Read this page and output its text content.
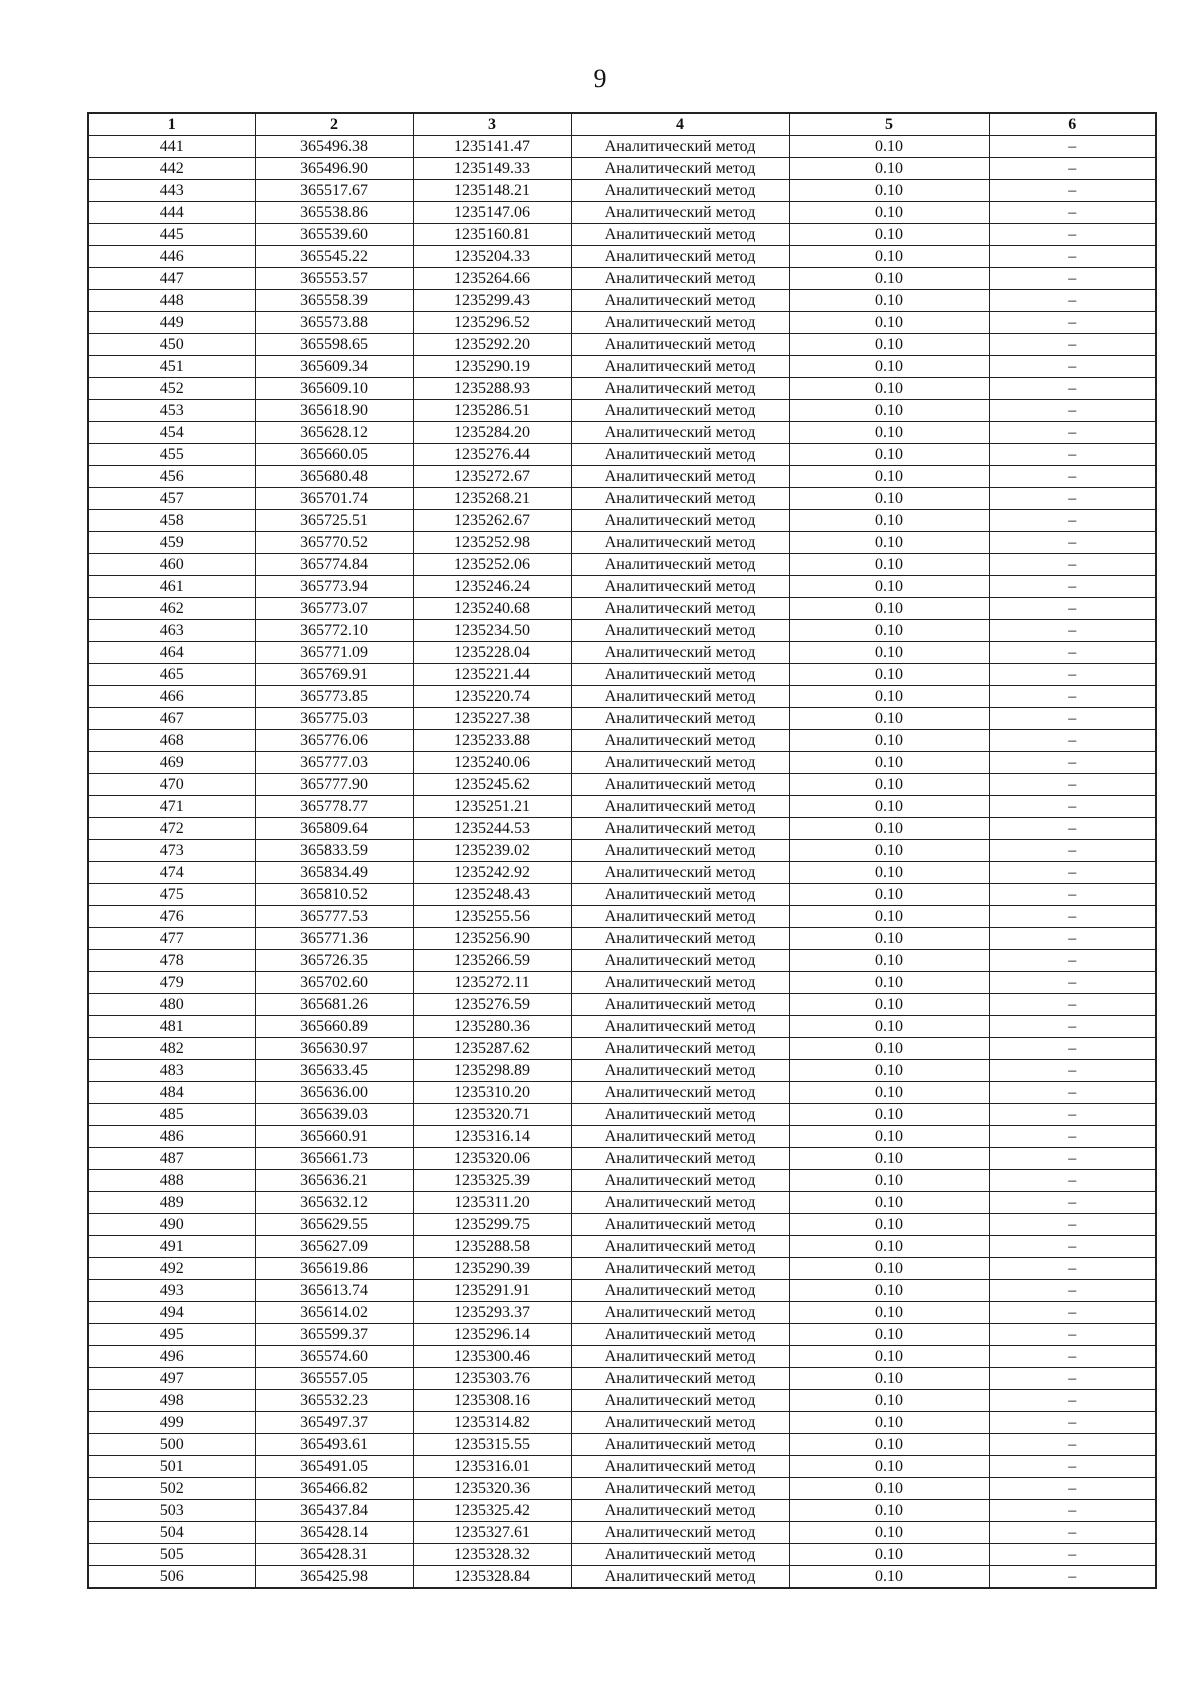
9
1	2	3	4	5	6
441	365496.38	1235141.47	Аналитический метод	0.10	–
442	365496.90	1235149.33	Аналитический метод	0.10	–
443	365517.67	1235148.21	Аналитический метод	0.10	–
444	365538.86	1235147.06	Аналитический метод	0.10	–
445	365539.60	1235160.81	Аналитический метод	0.10	–
446	365545.22	1235204.33	Аналитический метод	0.10	–
447	365553.57	1235264.66	Аналитический метод	0.10	–
448	365558.39	1235299.43	Аналитический метод	0.10	–
449	365573.88	1235296.52	Аналитический метод	0.10	–
450	365598.65	1235292.20	Аналитический метод	0.10	–
451	365609.34	1235290.19	Аналитический метод	0.10	–
452	365609.10	1235288.93	Аналитический метод	0.10	–
453	365618.90	1235286.51	Аналитический метод	0.10	–
454	365628.12	1235284.20	Аналитический метод	0.10	–
455	365660.05	1235276.44	Аналитический метод	0.10	–
456	365680.48	1235272.67	Аналитический метод	0.10	–
457	365701.74	1235268.21	Аналитический метод	0.10	–
458	365725.51	1235262.67	Аналитический метод	0.10	–
459	365770.52	1235252.98	Аналитический метод	0.10	–
460	365774.84	1235252.06	Аналитический метод	0.10	–
461	365773.94	1235246.24	Аналитический метод	0.10	–
462	365773.07	1235240.68	Аналитический метод	0.10	–
463	365772.10	1235234.50	Аналитический метод	0.10	–
464	365771.09	1235228.04	Аналитический метод	0.10	–
465	365769.91	1235221.44	Аналитический метод	0.10	–
466	365773.85	1235220.74	Аналитический метод	0.10	–
467	365775.03	1235227.38	Аналитический метод	0.10	–
468	365776.06	1235233.88	Аналитический метод	0.10	–
469	365777.03	1235240.06	Аналитический метод	0.10	–
470	365777.90	1235245.62	Аналитический метод	0.10	–
471	365778.77	1235251.21	Аналитический метод	0.10	–
472	365809.64	1235244.53	Аналитический метод	0.10	–
473	365833.59	1235239.02	Аналитический метод	0.10	–
474	365834.49	1235242.92	Аналитический метод	0.10	–
475	365810.52	1235248.43	Аналитический метод	0.10	–
476	365777.53	1235255.56	Аналитический метод	0.10	–
477	365771.36	1235256.90	Аналитический метод	0.10	–
478	365726.35	1235266.59	Аналитический метод	0.10	–
479	365702.60	1235272.11	Аналитический метод	0.10	–
480	365681.26	1235276.59	Аналитический метод	0.10	–
481	365660.89	1235280.36	Аналитический метод	0.10	–
482	365630.97	1235287.62	Аналитический метод	0.10	–
483	365633.45	1235298.89	Аналитический метод	0.10	–
484	365636.00	1235310.20	Аналитический метод	0.10	–
485	365639.03	1235320.71	Аналитический метод	0.10	–
486	365660.91	1235316.14	Аналитический метод	0.10	–
487	365661.73	1235320.06	Аналитический метод	0.10	–
488	365636.21	1235325.39	Аналитический метод	0.10	–
489	365632.12	1235311.20	Аналитический метод	0.10	–
490	365629.55	1235299.75	Аналитический метод	0.10	–
491	365627.09	1235288.58	Аналитический метод	0.10	–
492	365619.86	1235290.39	Аналитический метод	0.10	–
493	365613.74	1235291.91	Аналитический метод	0.10	–
494	365614.02	1235293.37	Аналитический метод	0.10	–
495	365599.37	1235296.14	Аналитический метод	0.10	–
496	365574.60	1235300.46	Аналитический метод	0.10	–
497	365557.05	1235303.76	Аналитический метод	0.10	–
498	365532.23	1235308.16	Аналитический метод	0.10	–
499	365497.37	1235314.82	Аналитический метод	0.10	–
500	365493.61	1235315.55	Аналитический метод	0.10	–
501	365491.05	1235316.01	Аналитический метод	0.10	–
502	365466.82	1235320.36	Аналитический метод	0.10	–
503	365437.84	1235325.42	Аналитический метод	0.10	–
504	365428.14	1235327.61	Аналитический метод	0.10	–
505	365428.31	1235328.32	Аналитический метод	0.10	–
506	365425.98	1235328.84	Аналитический метод	0.10	–
